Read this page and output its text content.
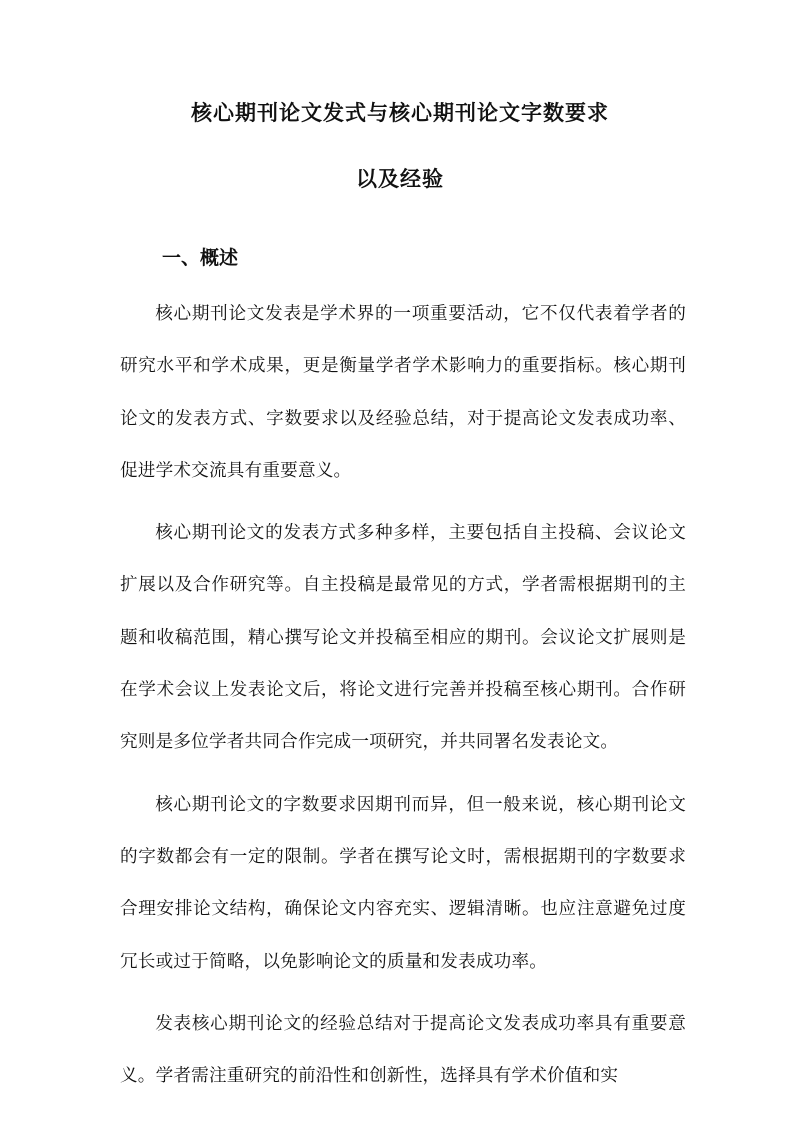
核心期刊论文发式与核心期刊论文字数要求
以及经验
一、概述

核心期刊论文发表是学术界的一项重要活动，它不仅代表着学者的研究水平和学术成果，更是衡量学者学术影响力的重要指标。核心期刊论文的发表方式、字数要求以及经验总结，对于提高论文发表成功率、促进学术交流具有重要意义。

核心期刊论文的发表方式多种多样，主要包括自主投稿、会议论文扩展以及合作研究等。自主投稿是最常见的方式，学者需根据期刊的主题和收稿范围，精心撰写论文并投稿至相应的期刊。会议论文扩展则是在学术会议上发表论文后，将论文进行完善并投稿至核心期刊。合作研究则是多位学者共同合作完成一项研究，并共同署名发表论文。

核心期刊论文的字数要求因期刊而异，但一般来说，核心期刊论文的字数都会有一定的限制。学者在撰写论文时，需根据期刊的字数要求合理安排论文结构，确保论文内容充实、逻辑清晰。也应注意避免过度冗长或过于简略，以免影响论文的质量和发表成功率。

发表核心期刊论文的经验总结对于提高论文发表成功率具有重要意义。学者需注重研究的前沿性和创新性，选择具有学术价值和实
